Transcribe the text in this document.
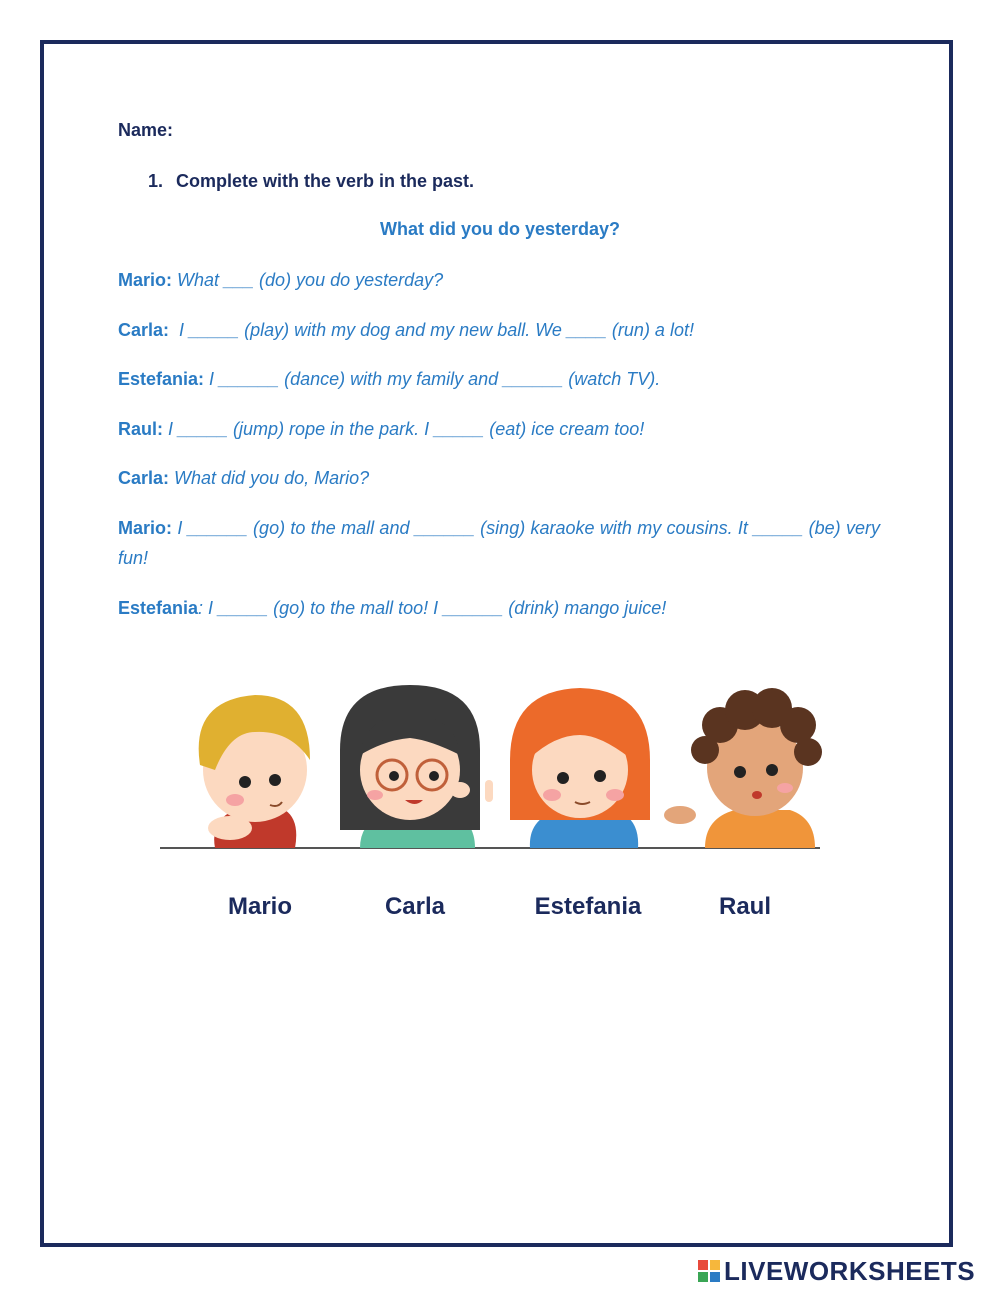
Name:
1. Complete with the verb in the past.
What did you do yesterday?
Mario: What ___ (do) you do yesterday?
Carla:  I _____ (play) with my dog and my new ball. We ____ (run) a lot!
Estefania: I ______ (dance) with my family and ______ (watch TV).
Raul: I _____ (jump) rope in the park. I _____ (eat) ice cream too!
Carla: What did you do, Mario?
Mario: I ______ (go) to the mall and ______ (sing) karaoke with my cousins. It _____ (be) very fun!
Estefania: I _____ (go) to the mall too! I ______ (drink) mango juice!
Mario	Carla	Estefania	Raul
LIVEWORKSHEETS
